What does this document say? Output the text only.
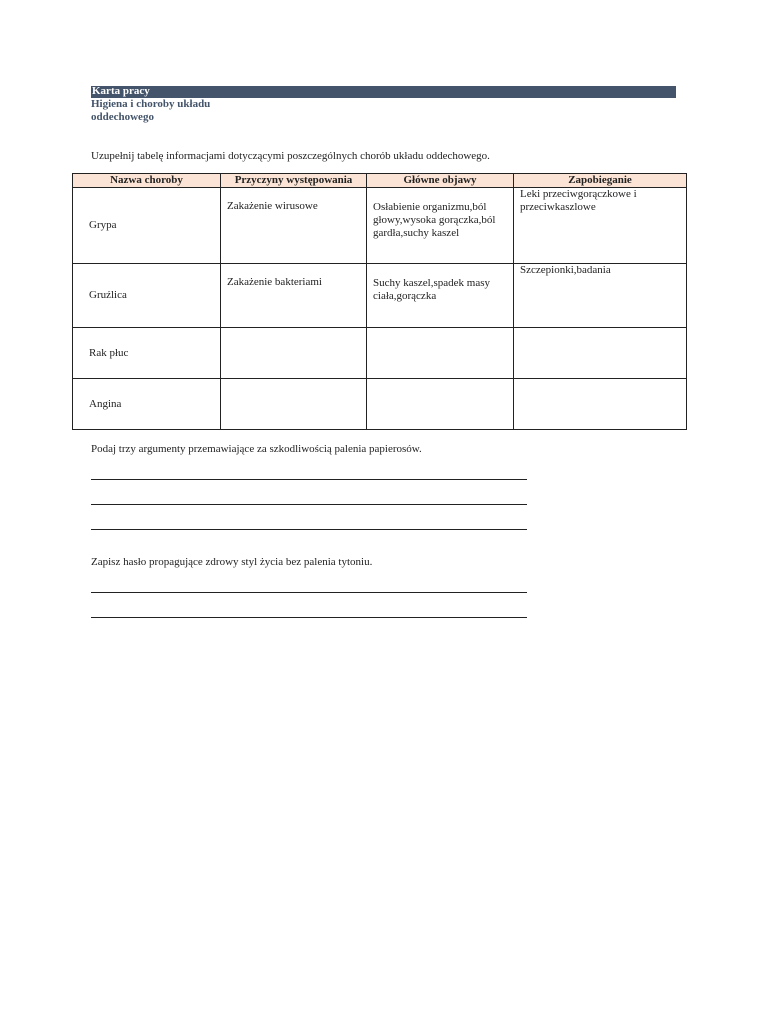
Karta pracy
Higiena i choroby układu oddechowego
Uzupełnij tabelę informacjami dotyczącymi poszczególnych chorób układu oddechowego.
Nazwa choroby	Przyczyny występowania	Główne objawy	Zapobieganie

Grypa	Zakażenie wirusowe	Osłabienie organizmu,ból głowy,wysoka gorączka,ból gardła,suchy kaszel	Leki przeciwgorączkowe i przeciwkaszlowe

Gruźlica	Zakażenie bakteriami	Suchy kaszel,spadek masy ciała,gorączka	Szczepionki,badania

Rak płuc			

Angina			

Podaj trzy argumenty przemawiające za szkodliwością palenia papierosów.
Zapisz hasło propagujące zdrowy styl życia bez palenia tytoniu.
